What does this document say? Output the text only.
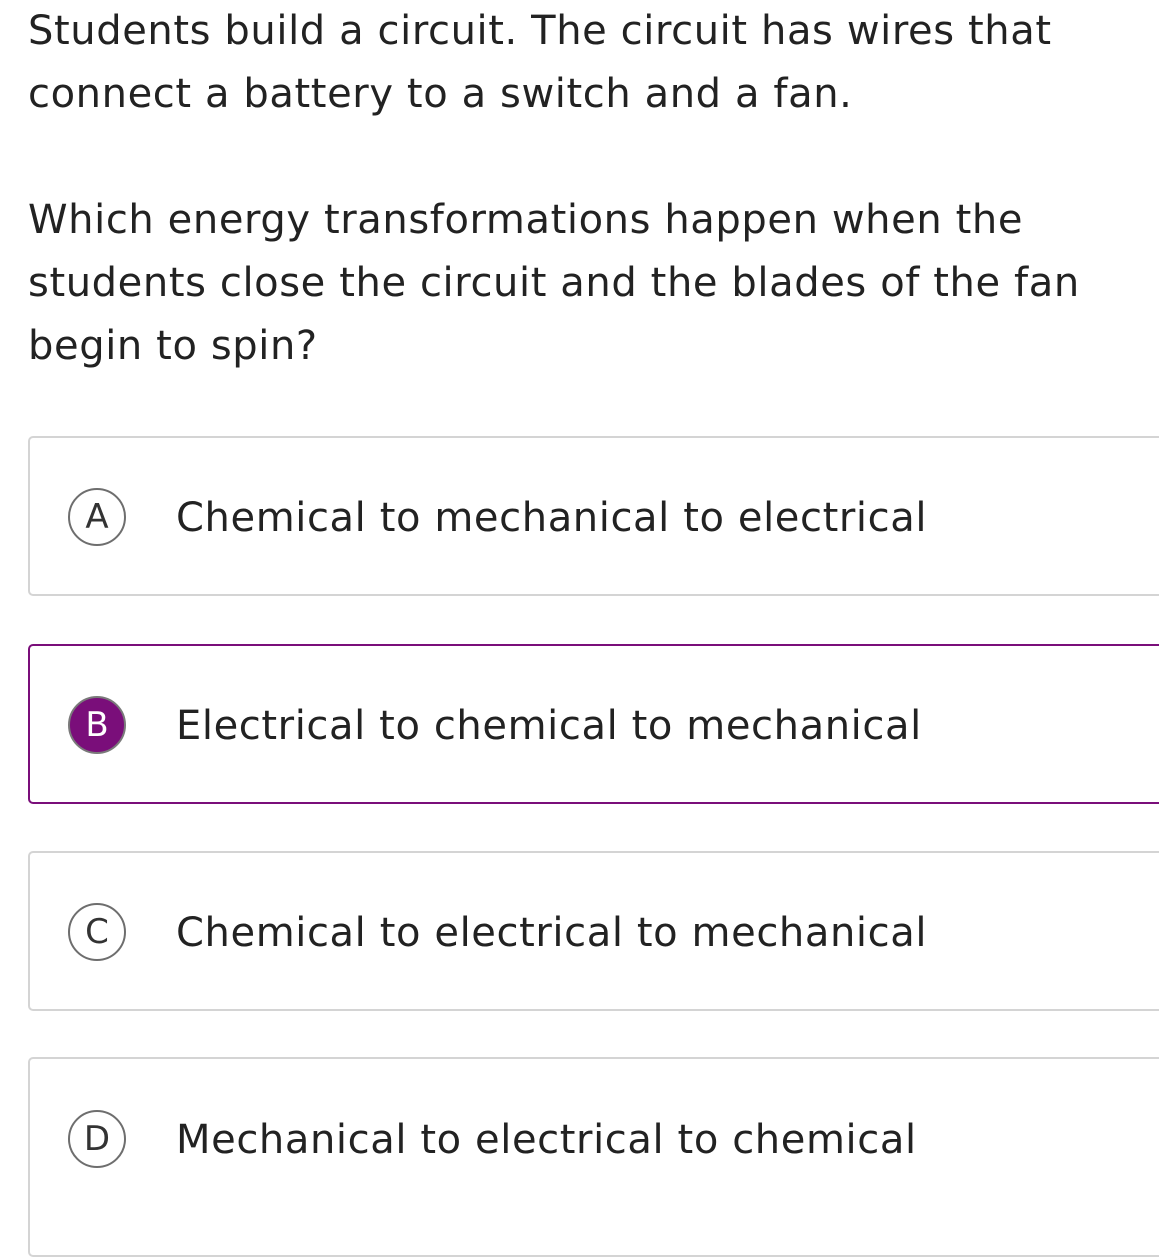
Students build a circuit. The circuit has wires that connect a battery to a switch and a fan.

Which energy transformations happen when the students close the circuit and the blades of the fan begin to spin?

A	Chemical to mechanical to electrical
B	Electrical to chemical to mechanical
C	Chemical to electrical to mechanical
D	Mechanical to electrical to chemical
